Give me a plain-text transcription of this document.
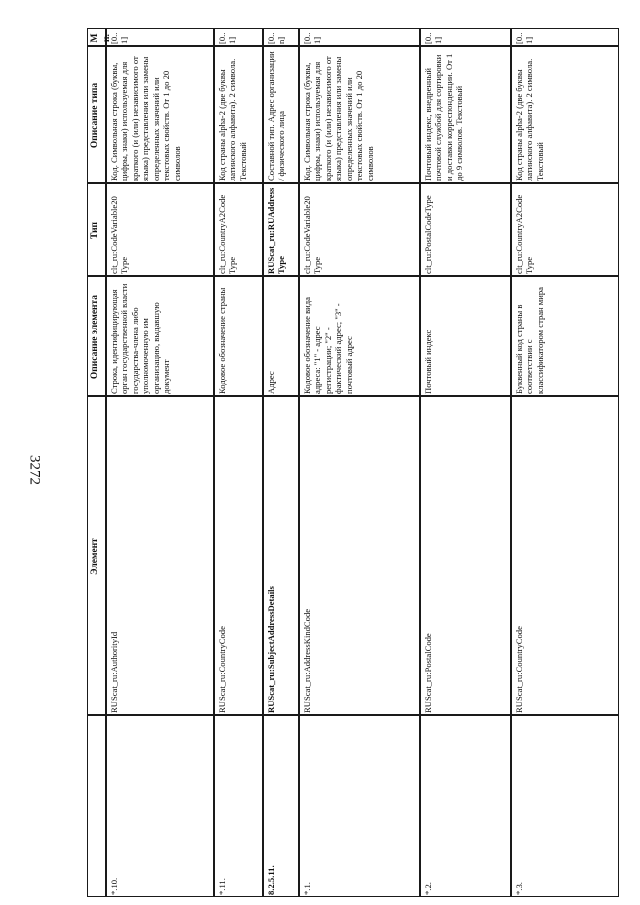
3272
Мн.
Описание типа
Тип
Описание элемента
Элемент
[0..1]
Код. Символьная строка (буквы, цифры, знаки) используемая для краткого (и (или) независимого от языка) представления или замены определенных значений или текстовых свойств. От 1 до 20 символов
clt_ru:CodeVariable20 Type
Строка, идентифицирующая орган государственной власти государства-члена либо уполномоченную им организацию, выдавшую документ
RUScat_ru:AuthorityId
*.10.
[0..1]
Код страны alpha-2 (две буквы латинского алфавита). 2 символа. Текстовый
clt_ru:CountryA2Code Type
Кодовое обозначение страны
RUScat_ru:CountryCode
*.11.
[0..n]
Составной тип. Адрес организации / физического лица
RUScat_ru:RUAddressType
Адрес
RUScat_ru:SubjectAddressDetails
8.2.5.11.
[0..1]
Код. Символьная строка (буквы, цифры, знаки) используемая для краткого (и (или) независимого от языка) представления или замены определенных значений или текстовых свойств. От 1 до 20 символов
clt_ru:CodeVariable20 Type
Кодовое обозначение вида адреса: "1" - адрес регистрации; "2" - фактический адрес; "3" - почтовый адрес
RUScat_ru:AddressKindCode
*.1.
[0..1]
Почтовый индекс, внедренный почтовой службой для сортировки и доставки корреспонденции. От 1 до 9 символов. Текстовый
clt_ru:PostalCodeType
Почтовый индекс
RUScat_ru:PostalCode
*.2.
[0..1]
Код страны alpha-2 (две буквы латинского алфавита). 2 символа. Текстовый
clt_ru:CountryA2Code Type
Буквенный код страны в соответствии с классификатором стран мира
RUScat_ru:CountryCode
*.3.
